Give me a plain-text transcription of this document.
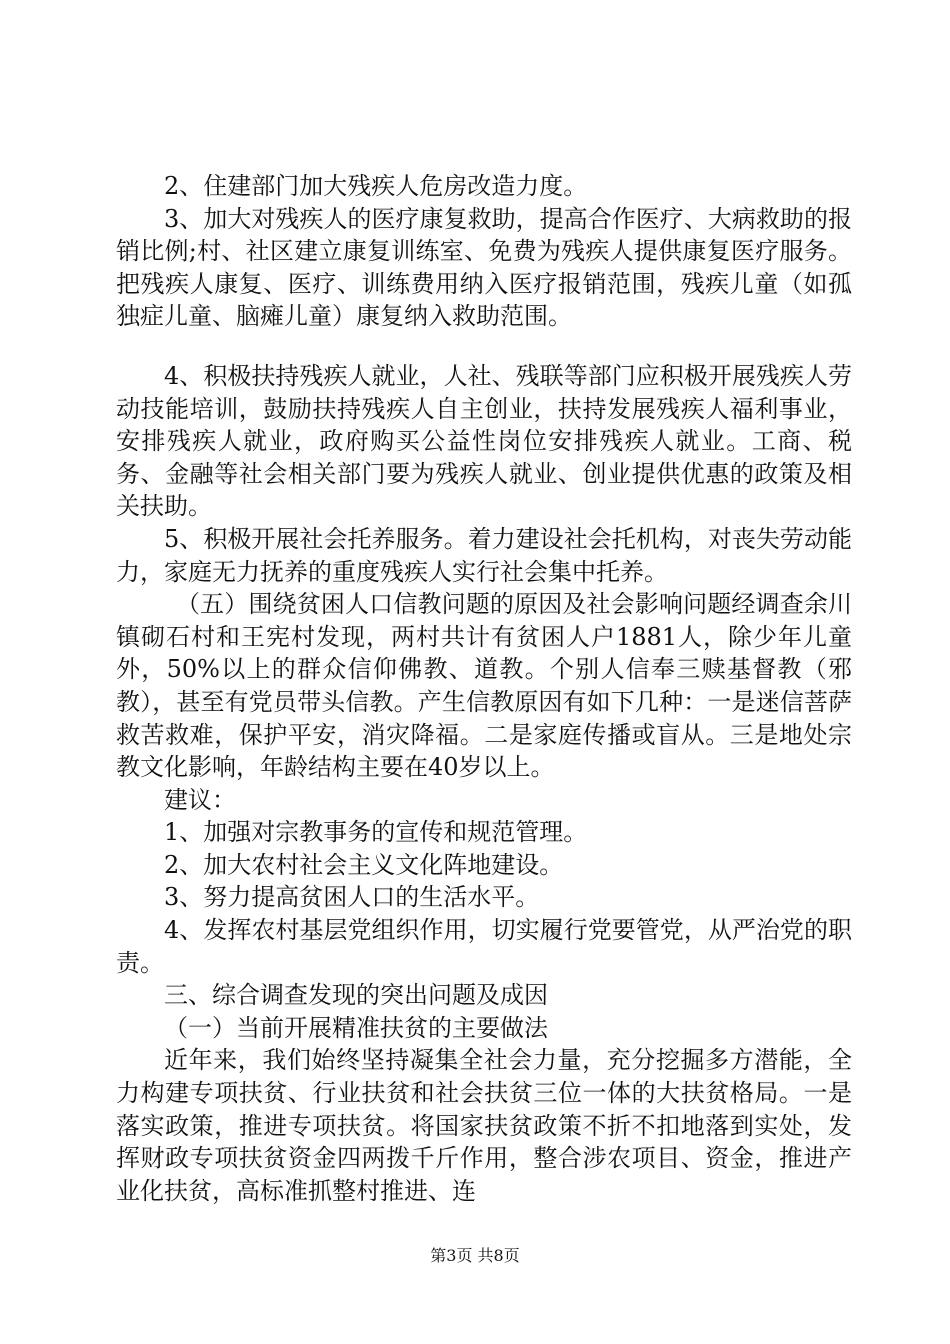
2、住建部门加大残疾人危房改造力度。

3、加大对残疾人的医疗康复救助，提高合作医疗、大病救助的报销比例;村、社区建立康复训练室、免费为残疾人提供康复医疗服务。把残疾人康复、医疗、训练费用纳入医疗报销范围，残疾儿童（如孤独症儿童、脑瘫儿童）康复纳入救助范围。

4、积极扶持残疾人就业，人社、残联等部门应积极开展残疾人劳动技能培训，鼓励扶持残疾人自主创业，扶持发展残疾人福利事业，安排残疾人就业，政府购买公益性岗位安排残疾人就业。工商、税务、金融等社会相关部门要为残疾人就业、创业提供优惠的政策及相关扶助。

5、积极开展社会托养服务。着力建设社会托机构，对丧失劳动能力，家庭无力抚养的重度残疾人实行社会集中托养。

（五）围绕贫困人口信教问题的原因及社会影响问题经调查余川镇砌石村和王宪村发现，两村共计有贫困人户1881人，除少年儿童外，50%以上的群众信仰佛教、道教。个别人信奉三赎基督教（邪教），甚至有党员带头信教。产生信教原因有如下几种：一是迷信菩萨救苦救难，保护平安，消灾降福。二是家庭传播或盲从。三是地处宗教文化影响，年龄结构主要在40岁以上。

建议：

1、加强对宗教事务的宣传和规范管理。

2、加大农村社会主义文化阵地建设。

3、努力提高贫困人口的生活水平。

4、发挥农村基层党组织作用，切实履行党要管党，从严治党的职责。

三、综合调查发现的突出问题及成因

（一）当前开展精准扶贫的主要做法

近年来，我们始终坚持凝集全社会力量，充分挖掘多方潜能，全力构建专项扶贫、行业扶贫和社会扶贫三位一体的大扶贫格局。一是落实政策，推进专项扶贫。将国家扶贫政策不折不扣地落到实处，发挥财政专项扶贫资金四两拨千斤作用，整合涉农项目、资金，推进产业化扶贫，高标准抓整村推进、连

第3页 共8页
